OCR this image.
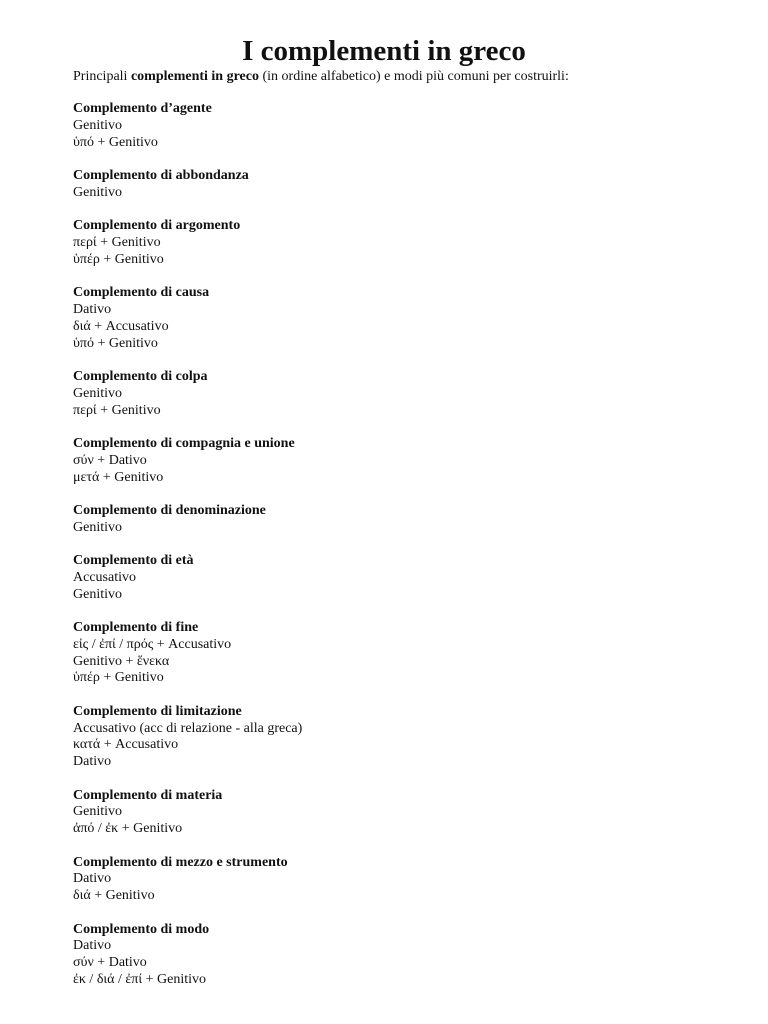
I complementi in greco

Principali complementi in greco (in ordine alfabetico) e modi più comuni per costruirli:

Complemento d’agente

Genitivo

ὑπό + Genitivo

Complemento di abbondanza

Genitivo

Complemento di argomento

περί + Genitivo

ὑπέρ + Genitivo

Complemento di causa

Dativo

διά + Accusativo

ὑπό + Genitivo

Complemento di colpa

Genitivo

περί + Genitivo

Complemento di compagnia e unione

σύν + Dativo

μετά + Genitivo

Complemento di denominazione

Genitivo

Complemento di età

Accusativo

Genitivo

Complemento di fine

εἰς / ἐπί / πρός + Accusativo

Genitivo + ἕνεκα

ὑπέρ + Genitivo

Complemento di limitazione

Accusativo (acc di relazione - alla greca)

κατά + Accusativo

Dativo

Complemento di materia

Genitivo

ἀπό / ἐκ + Genitivo

Complemento di mezzo e strumento

Dativo

διά + Genitivo

Complemento di modo

Dativo

σύν + Dativo

ἐκ / διά / ἐπί + Genitivo
